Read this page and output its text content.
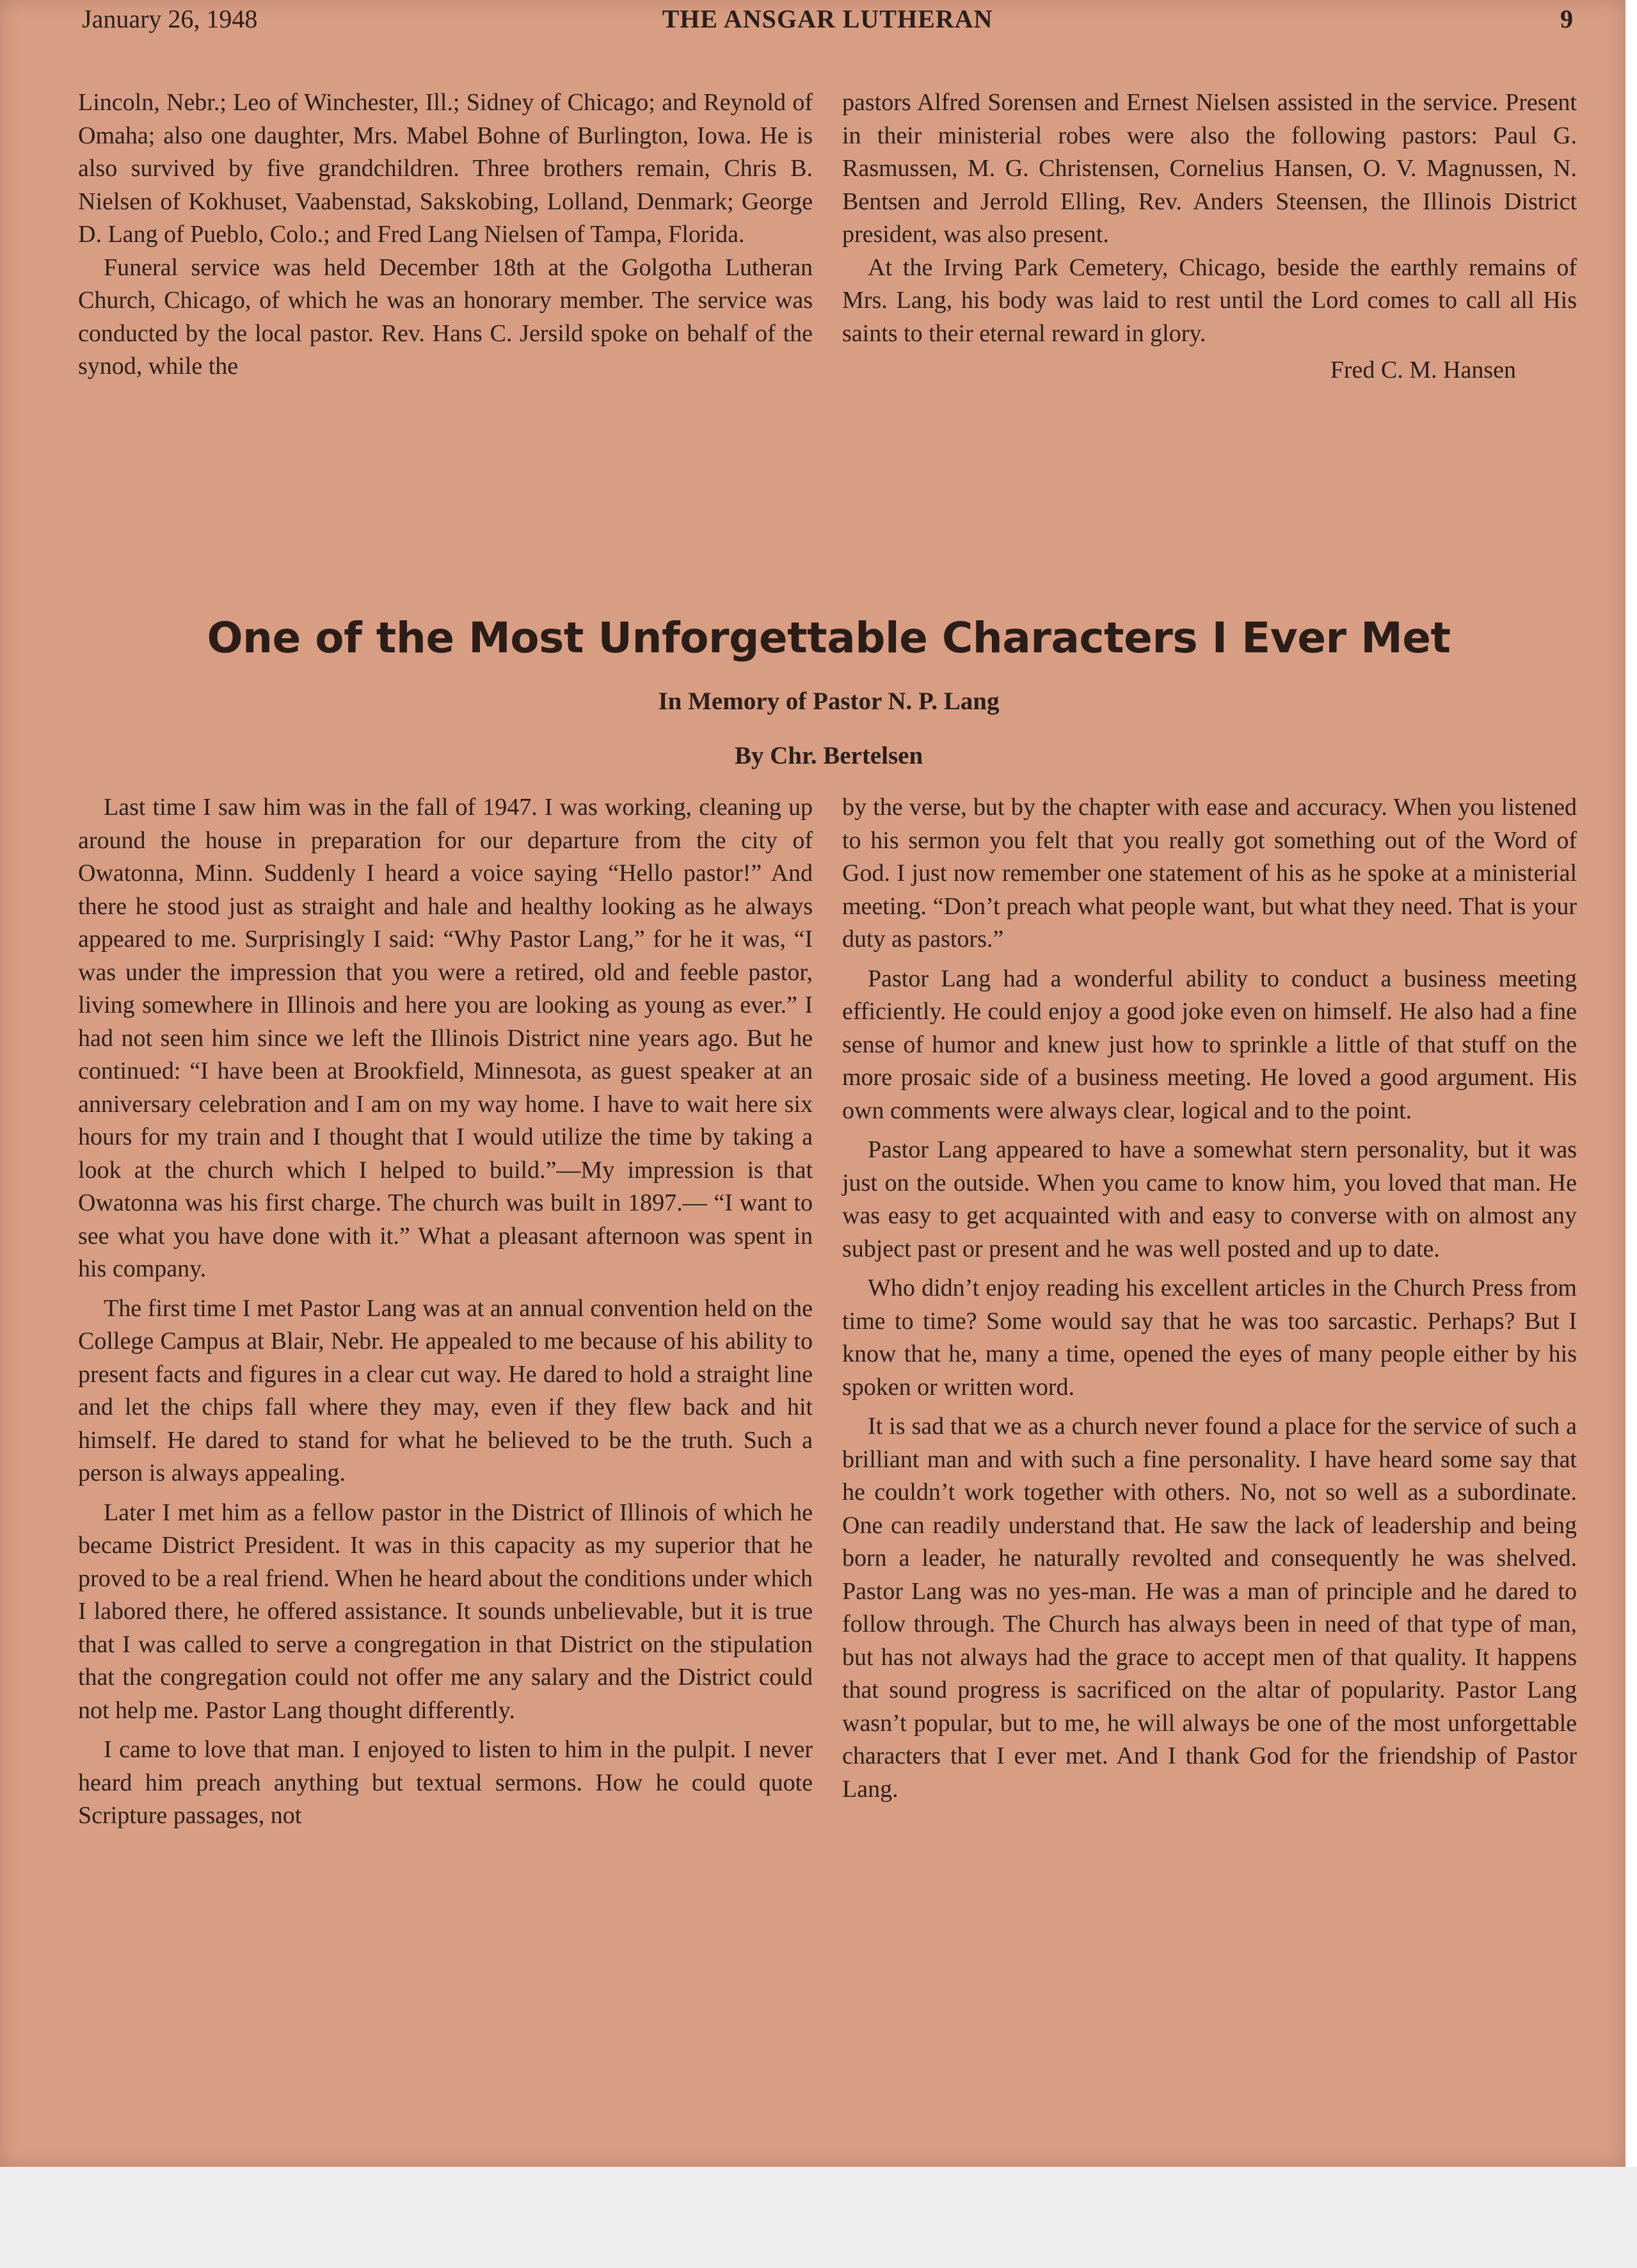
January 26, 1948	THE ANSGAR LUTHERAN	9

Lincoln, Nebr.; Leo of Winchester, Ill.; Sidney of Chicago; and Reynold of Omaha; also one daughter, Mrs. Mabel Bohne of Burlington, Iowa. He is also survived by five grandchildren. Three brothers remain, Chris B. Nielsen of Kokhuset, Vaabenstad, Sakskobing, Lolland, Denmark; George D. Lang of Pueblo, Colo.; and Fred Lang Nielsen of Tampa, Florida.

Funeral service was held December 18th at the Golgotha Lutheran Church, Chicago, of which he was an honorary member. The service was conducted by the local pastor. Rev. Hans C. Jersild spoke on behalf of the synod, while the

pastors Alfred Sorensen and Ernest Nielsen assisted in the service. Present in their ministerial robes were also the following pastors: Paul G. Rasmussen, M. G. Christensen, Cornelius Hansen, O. V. Magnussen, N. Bentsen and Jerrold Elling, Rev. Anders Steensen, the Illinois District president, was also present.

At the Irving Park Cemetery, Chicago, beside the earthly remains of Mrs. Lang, his body was laid to rest until the Lord comes to call all His saints to their eternal reward in glory.

Fred C. M. Hansen
One of the Most Unforgettable Characters I Ever Met
In Memory of Pastor N. P. Lang
By Chr. Bertelsen

Last time I saw him was in the fall of 1947. I was working, cleaning up around the house in preparation for our departure from the city of Owatonna, Minn. Suddenly I heard a voice saying “Hello pastor!” And there he stood just as straight and hale and healthy looking as he always appeared to me. Surprisingly I said: “Why Pastor Lang,” for he it was, “I was under the impression that you were a retired, old and feeble pastor, living somewhere in Illinois and here you are looking as young as ever.” I had not seen him since we left the Illinois District nine years ago. But he continued: “I have been at Brookfield, Minnesota, as guest speaker at an anniversary celebration and I am on my way home. I have to wait here six hours for my train and I thought that I would utilize the time by taking a look at the church which I helped to build.”—My impression is that Owatonna was his first charge. The church was built in 1897.— “I want to see what you have done with it.” What a pleasant afternoon was spent in his company.

The first time I met Pastor Lang was at an annual convention held on the College Campus at Blair, Nebr. He appealed to me because of his ability to present facts and figures in a clear cut way. He dared to hold a straight line and let the chips fall where they may, even if they flew back and hit himself. He dared to stand for what he believed to be the truth. Such a person is always appealing.

Later I met him as a fellow pastor in the District of Illinois of which he became District President. It was in this capacity as my superior that he proved to be a real friend. When he heard about the conditions under which I labored there, he offered assistance. It sounds unbelievable, but it is true that I was called to serve a congregation in that District on the stipulation that the congregation could not offer me any salary and the District could not help me. Pastor Lang thought differently.

I came to love that man. I enjoyed to listen to him in the pulpit. I never heard him preach anything but textual sermons. How he could quote Scripture passages, not

by the verse, but by the chapter with ease and accuracy. When you listened to his sermon you felt that you really got something out of the Word of God. I just now remember one statement of his as he spoke at a ministerial meeting. “Don’t preach what people want, but what they need. That is your duty as pastors.”

Pastor Lang had a wonderful ability to conduct a business meeting efficiently. He could enjoy a good joke even on himself. He also had a fine sense of humor and knew just how to sprinkle a little of that stuff on the more prosaic side of a business meeting. He loved a good argument. His own comments were always clear, logical and to the point.

Pastor Lang appeared to have a somewhat stern personality, but it was just on the outside. When you came to know him, you loved that man. He was easy to get acquainted with and easy to converse with on almost any subject past or present and he was well posted and up to date.

Who didn’t enjoy reading his excellent articles in the Church Press from time to time? Some would say that he was too sarcastic. Perhaps? But I know that he, many a time, opened the eyes of many people either by his spoken or written word.

It is sad that we as a church never found a place for the service of such a brilliant man and with such a fine personality. I have heard some say that he couldn’t work together with others. No, not so well as a subordinate. One can readily understand that. He saw the lack of leadership and being born a leader, he naturally revolted and consequently he was shelved. Pastor Lang was no yes-man. He was a man of principle and he dared to follow through. The Church has always been in need of that type of man, but has not always had the grace to accept men of that quality. It happens that sound progress is sacrificed on the altar of popularity. Pastor Lang wasn’t popular, but to me, he will always be one of the most unforgettable characters that I ever met. And I thank God for the friendship of Pastor Lang.
